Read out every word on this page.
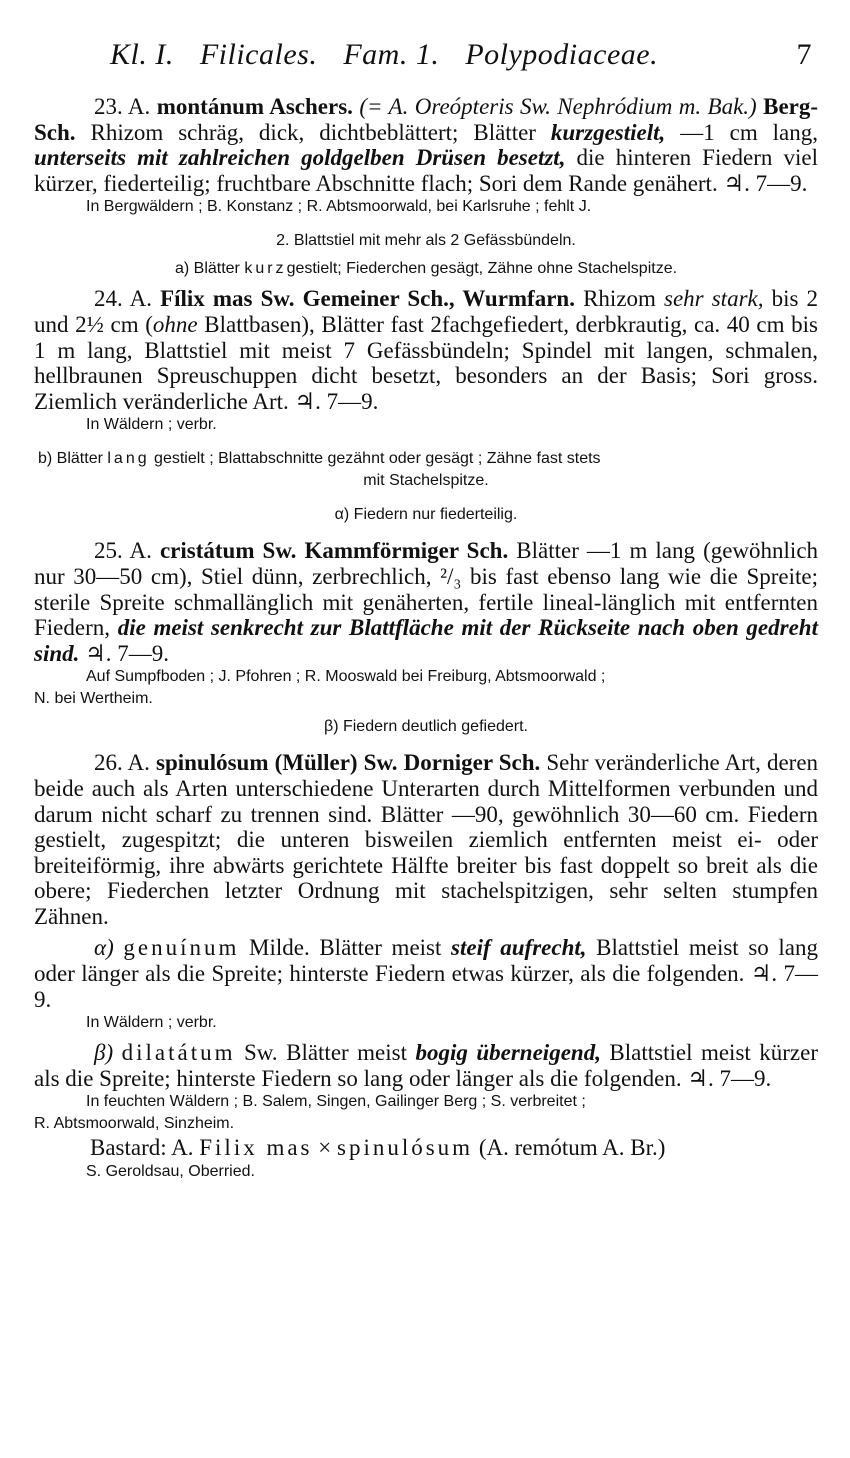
Kl. I. Filicales. Fam. 1. Polypodiaceae.	7

23. A. montánum Aschers. (= A. Oreópteris Sw. Nephródium m. Bak.) Berg-Sch. Rhizom schräg, dick, dichtbeblättert; Blätter kurzgestielt, —1 cm lang, unterseits mit zahlreichen goldgelben Drüsen besetzt, die hinteren Fiedern viel kürzer, fiederteilig; fruchtbare Abschnitte flach; Sori dem Rande genähert. ♃. 7—9.

In Bergwäldern ; B. Konstanz ; R. Abtsmoorwald, bei Karlsruhe ; fehlt J.

2. Blattstiel mit mehr als 2 Gefässbündeln.

a) Blätter kurzgestielt; Fiederchen gesägt, Zähne ohne Stachelspitze.

24. A. Fílix mas Sw. Gemeiner Sch., Wurmfarn. Rhizom sehr stark, bis 2 und 2½ cm (ohne Blattbasen), Blätter fast 2fachgefiedert, derbkrautig, ca. 40 cm bis 1 m lang, Blattstiel mit meist 7 Gefässbündeln; Spindel mit langen, schmalen, hellbraunen Spreuschuppen dicht besetzt, besonders an der Basis; Sori gross. Ziemlich veränderliche Art. ♃. 7—9.

In Wäldern ; verbr.

b) Blätter lang gestielt ; Blattabschnitte gezähnt oder gesägt ; Zähne fast stets

mit Stachelspitze.

α) Fiedern nur fiederteilig.

25. A. cristátum Sw. Kammförmiger Sch. Blätter —1 m lang (gewöhnlich nur 30—50 cm), Stiel dünn, zerbrechlich, ²/₃ bis fast ebenso lang wie die Spreite; sterile Spreite schmallänglich mit genäherten, fertile lineal-länglich mit entfernten Fiedern, die meist senkrecht zur Blattfläche mit der Rückseite nach oben gedreht sind. ♃. 7—9.

Auf Sumpfboden ; J. Pfohren ; R. Mooswald bei Freiburg, Abtsmoorwald ;

N. bei Wertheim.

β) Fiedern deutlich gefiedert.

26. A. spinulósum (Müller) Sw. Dorniger Sch. Sehr veränderliche Art, deren beide auch als Arten unterschiedene Unterarten durch Mittelformen verbunden und darum nicht scharf zu trennen sind. Blätter —90, gewöhnlich 30—60 cm. Fiedern gestielt, zugespitzt; die unteren bisweilen ziemlich entfernten meist ei- oder breiteiförmig, ihre abwärts gerichtete Hälfte breiter bis fast doppelt so breit als die obere; Fiederchen letzter Ordnung mit stachelspitzigen, sehr selten stumpfen Zähnen.

α) genuínum Milde. Blätter meist steif aufrecht, Blattstiel meist so lang oder länger als die Spreite; hinterste Fiedern etwas kürzer, als die folgenden. ♃. 7—9.

In Wäldern ; verbr.

β) dilatátum Sw. Blätter meist bogig überneigend, Blattstiel meist kürzer als die Spreite; hinterste Fiedern so lang oder länger als die folgenden. ♃. 7—9.

In feuchten Wäldern ; B. Salem, Singen, Gailinger Berg ; S. verbreitet ;

R. Abtsmoorwald, Sinzheim.

Bastard: A. Filix mas × spinulósum (A. remótum A. Br.)

S. Geroldsau, Oberried.
